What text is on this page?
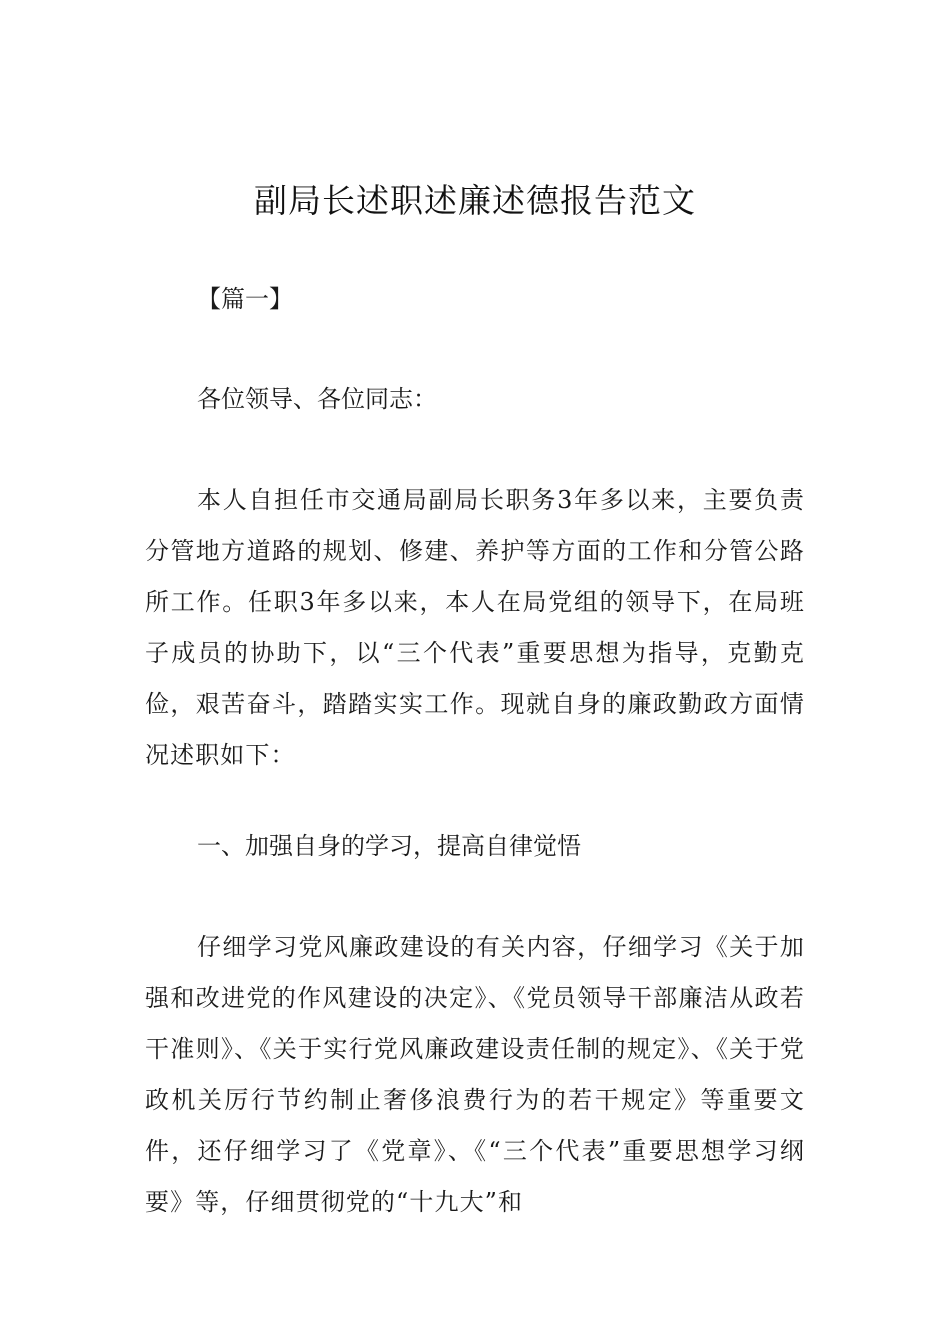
副局长述职述廉述德报告范文

【篇一】

各位领导、各位同志：

本人自担任市交通局副局长职务3年多以来，主要负责分管地方道路的规划、修建、养护等方面的工作和分管公路所工作。任职3年多以来，本人在局党组的领导下，在局班子成员的协助下，以“三个代表”重要思想为指导，克勤克俭，艰苦奋斗，踏踏实实工作。现就自身的廉政勤政方面情况述职如下：

一、加强自身的学习，提高自律觉悟

仔细学习党风廉政建设的有关内容，仔细学习《关于加强和改进党的作风建设的决定》、《党员领导干部廉洁从政若干准则》、《关于实行党风廉政建设责任制的规定》、《关于党政机关厉行节约制止奢侈浪费行为的若干规定》等重要文件，还仔细学习了《党章》、《“三个代表”重要思想学习纲要》等，仔细贯彻党的“十九大”和
